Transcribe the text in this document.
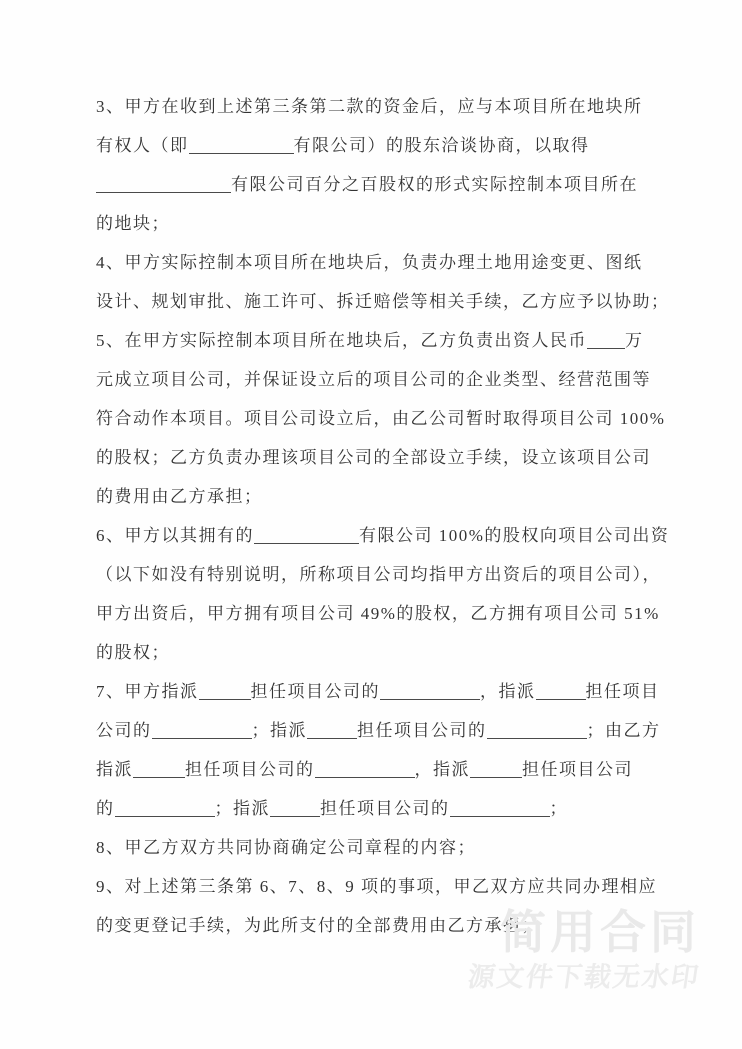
3、甲方在收到上述第三条第二款的资金后，应与本项目所在地块所
有权人（即	有限公司）的股东洽谈协商，以取得
有限公司百分之百股权的形式实际控制本项目所在
的地块；
4、甲方实际控制本项目所在地块后，负责办理土地用途变更、图纸
设计、规划审批、施工许可、拆迁赔偿等相关手续，乙方应予以协助；
5、在甲方实际控制本项目所在地块后，乙方负责出资人民币 万
元成立项目公司，并保证设立后的项目公司的企业类型、经营范围等
符合动作本项目。项目公司设立后，由乙公司暂时取得项目公司 100%
的股权；乙方负责办理该项目公司的全部设立手续，设立该项目公司
的费用由乙方承担；
6、甲方以其拥有的	有限公司 100%的股权向项目公司出资
（以下如没有特别说明，所称项目公司均指甲方出资后的项目公司），
甲方出资后，甲方拥有项目公司 49%的股权，乙方拥有项目公司 51%
的股权；
7、甲方指派	担任项目公司的	，指派	担任项目
公司的	；指派	担任项目公司的	；由乙方
指派	担任项目公司的	，指派	担任项目公司
的	；指派	担任项目公司的	；
8、甲乙方双方共同协商确定公司章程的内容；
9、对上述第三条第 6、7、8、9 项的事项，甲乙双方应共同办理相应
的变更登记手续，为此所支付的全部费用由乙方承担；
简用合同
源文件下载无水印
